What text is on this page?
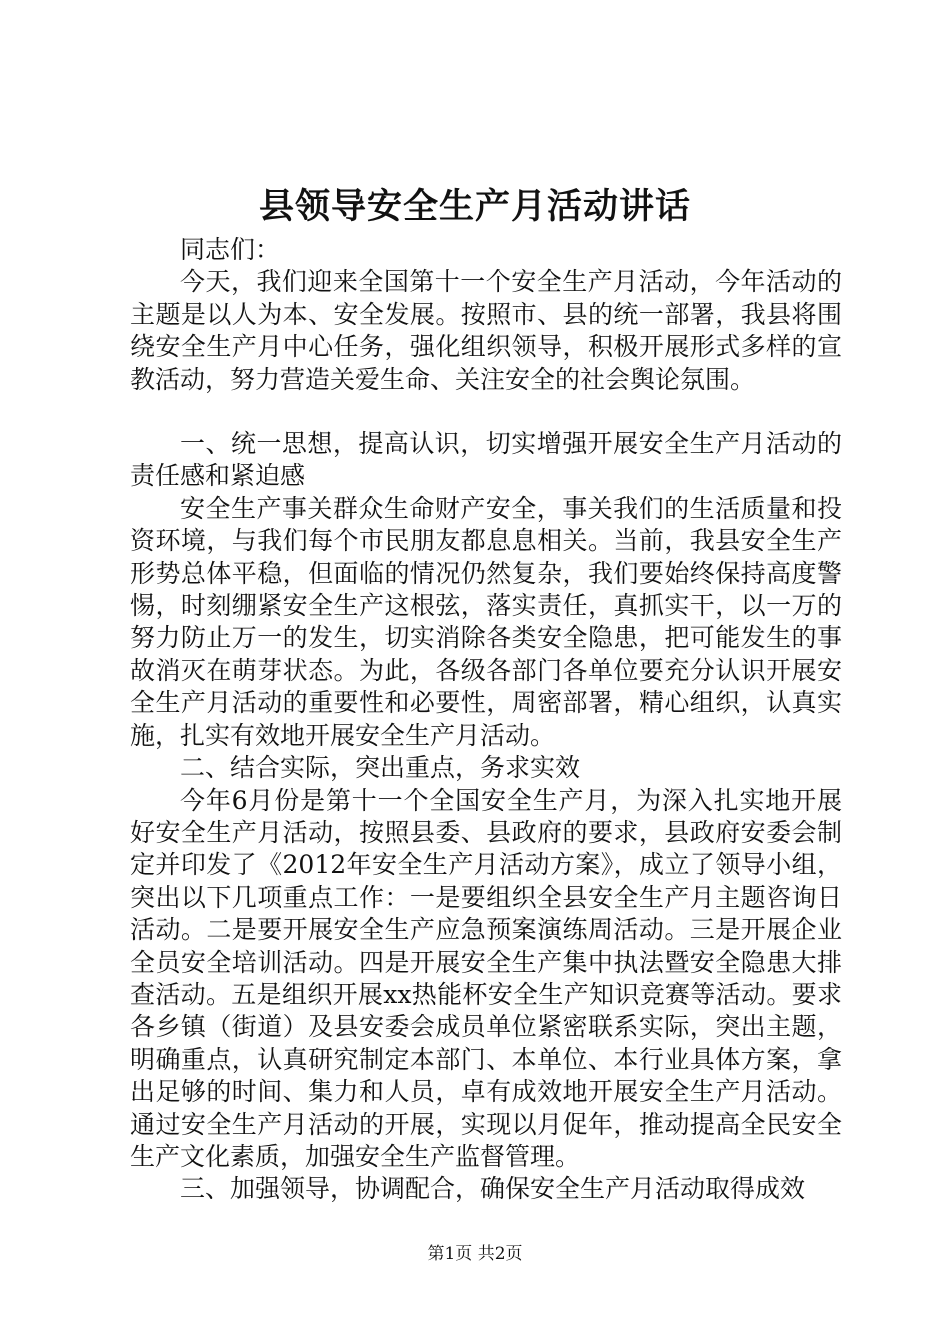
县领导安全生产月活动讲话

同志们：

今天，我们迎来全国第十一个安全生产月活动，今年活动的主题是以人为本、安全发展。按照市、县的统一部署，我县将围绕安全生产月中心任务，强化组织领导，积极开展形式多样的宣教活动，努力营造关爱生命、关注安全的社会舆论氛围。

一、统一思想，提高认识，切实增强开展安全生产月活动的责任感和紧迫感

安全生产事关群众生命财产安全，事关我们的生活质量和投资环境，与我们每个市民朋友都息息相关。当前，我县安全生产形势总体平稳，但面临的情况仍然复杂，我们要始终保持高度警惕，时刻绷紧安全生产这根弦，落实责任，真抓实干，以一万的努力防止万一的发生，切实消除各类安全隐患，把可能发生的事故消灭在萌芽状态。为此，各级各部门各单位要充分认识开展安全生产月活动的重要性和必要性，周密部署，精心组织，认真实施，扎实有效地开展安全生产月活动。

二、结合实际，突出重点，务求实效

今年6月份是第十一个全国安全生产月，为深入扎实地开展好安全生产月活动，按照县委、县政府的要求，县政府安委会制定并印发了《2012年安全生产月活动方案》，成立了领导小组，突出以下几项重点工作：一是要组织全县安全生产月主题咨询日活动。二是要开展安全生产应急预案演练周活动。三是开展企业全员安全培训活动。四是开展安全生产集中执法暨安全隐患大排查活动。五是组织开展xx热能杯安全生产知识竞赛等活动。要求各乡镇（街道）及县安委会成员单位紧密联系实际，突出主题，明确重点，认真研究制定本部门、本单位、本行业具体方案，拿出足够的时间、集力和人员，卓有成效地开展安全生产月活动。通过安全生产月活动的开展，实现以月促年，推动提高全民安全生产文化素质，加强安全生产监督管理。

三、加强领导，协调配合，确保安全生产月活动取得成效

第1页 共2页
